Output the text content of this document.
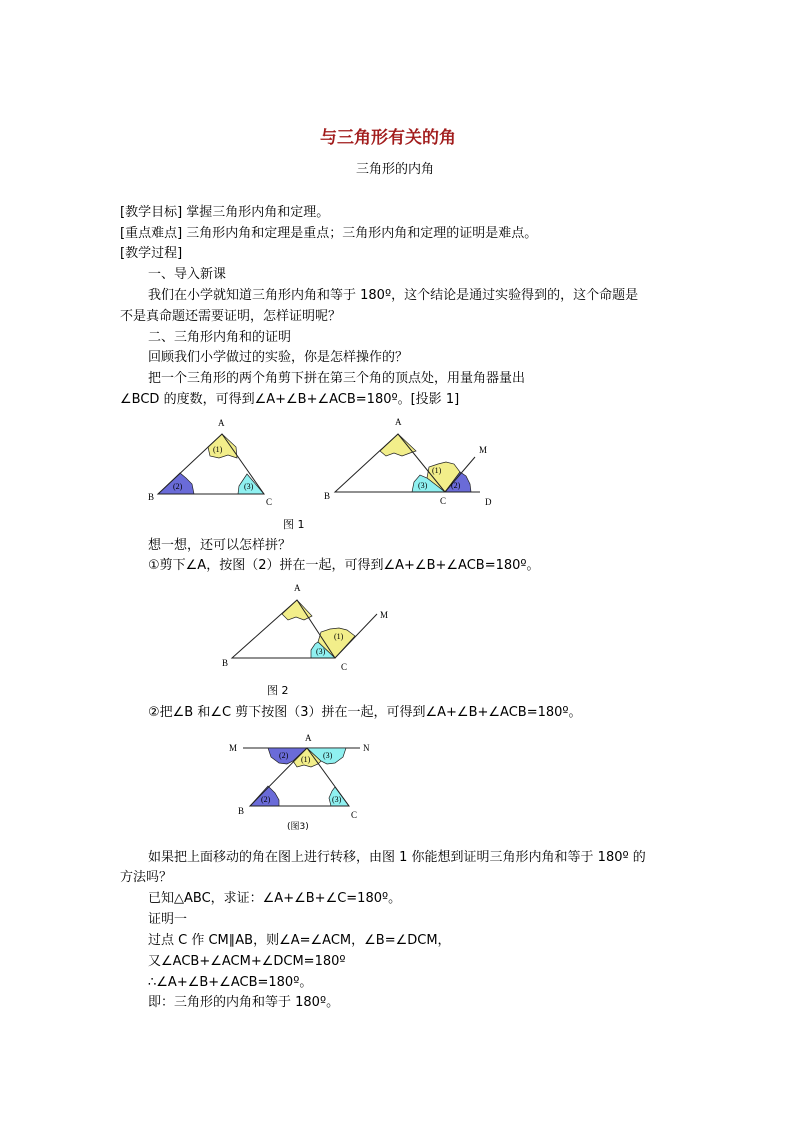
与三角形有关的角
三角形的内角
[教学目标] 掌握三角形内角和定理。
[重点难点] 三角形内角和定理是重点；三角形内角和定理的证明是难点。
[教学过程]
一、导入新课
我们在小学就知道三角形内角和等于 180º，这个结论是通过实验得到的，这个命题是
不是真命题还需要证明，怎样证明呢？
二、三角形内角和的证明
回顾我们小学做过的实验，你是怎样操作的？
把一个三角形的两个角剪下拼在第三个角的顶点处，用量角器量出
∠BCD 的度数，可得到∠A+∠B+∠ACB=180º。[投影 1]
A
B	C
(1)
(2)	(3)
A
B	C	D
M
(1)
(3)	(2)
图 1
想一想，还可以怎样拼？
①剪下∠A，按图（2）拼在一起，可得到∠A+∠B+∠ACB=180º。
A
B	C
M
(1)
(3)
图 2
②把∠B 和∠C 剪下按图（3）拼在一起，可得到∠A+∠B+∠ACB=180º。
A
M	N
B	C
(2) (1) (3)
(2)	(3)
(图3)
如果把上面移动的角在图上进行转移，由图 1 你能想到证明三角形内角和等于 180º 的
方法吗？
已知△ABC，求证：∠A+∠B+∠C=180º。
证明一
过点 C 作 CM∥AB，则∠A=∠ACM，∠B=∠DCM，
又∠ACB+∠ACM+∠DCM=180º
∴∠A+∠B+∠ACB=180º。
即：三角形的内角和等于 180º。
